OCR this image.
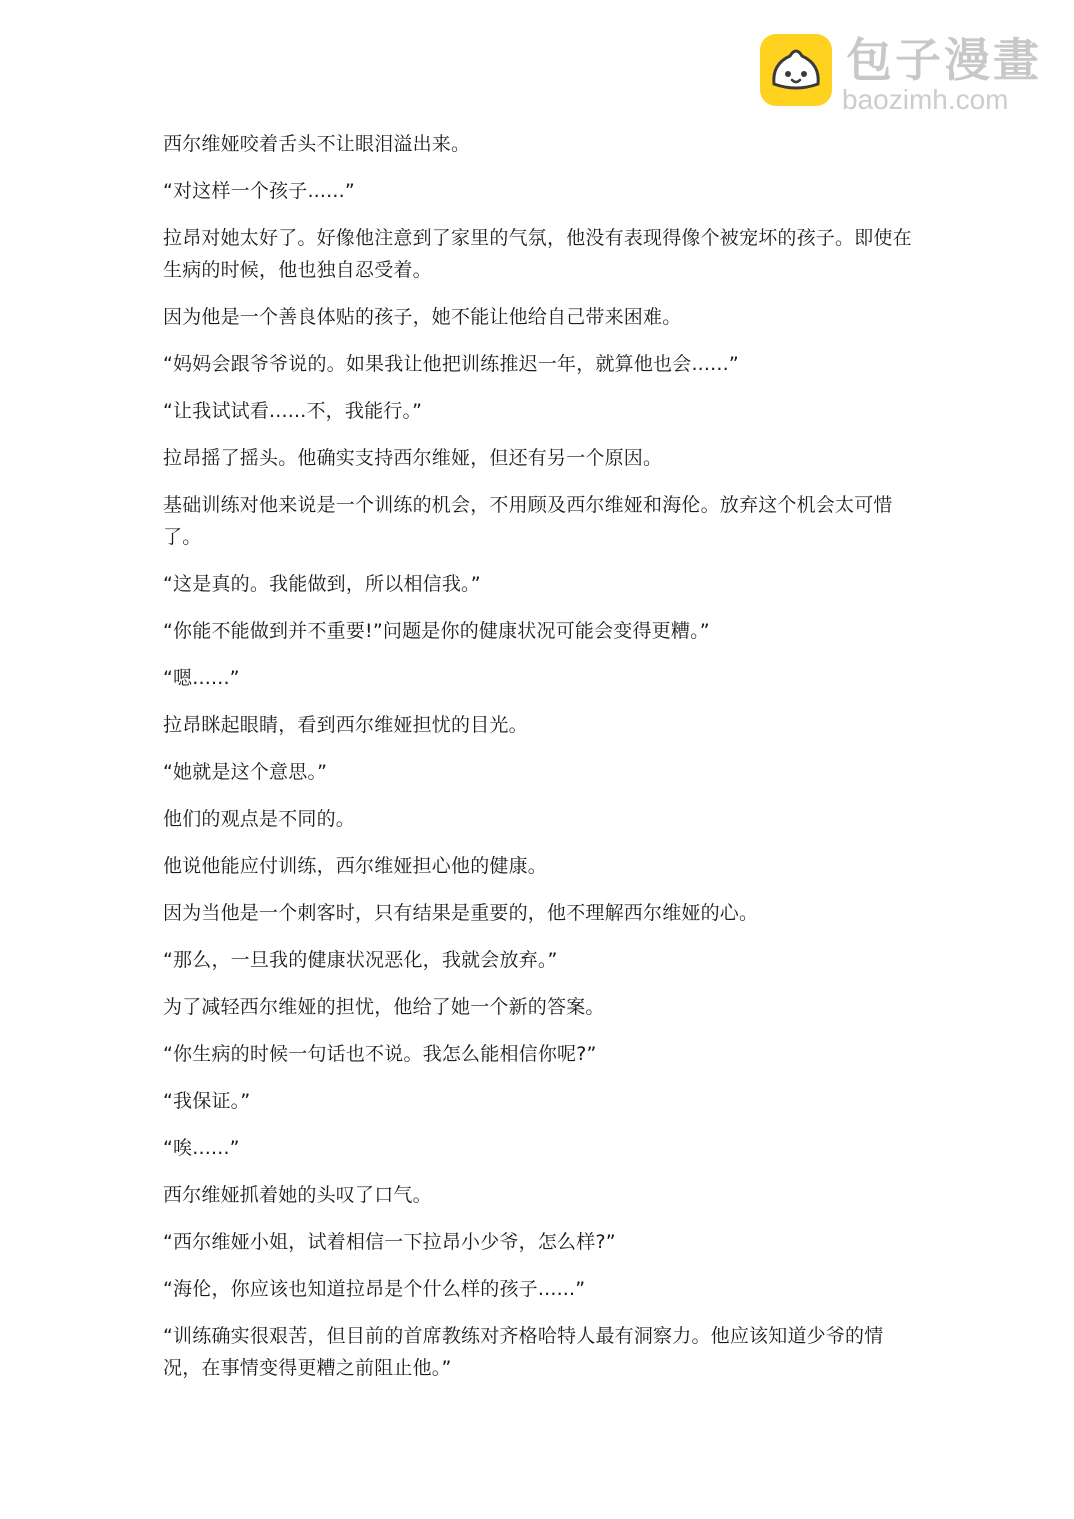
包子漫畫
baozimh.com

西尔维娅咬着舌头不让眼泪溢出来。

“对这样一个孩子......”

拉昂对她太好了。好像他注意到了家里的气氛，他没有表现得像个被宠坏的孩子。即使在生病的时候，他也独自忍受着。

因为他是一个善良体贴的孩子，她不能让他给自己带来困难。

“妈妈会跟爷爷说的。如果我让他把训练推迟一年，就算他也会......”

“让我试试看......不，我能行。”

拉昂摇了摇头。他确实支持西尔维娅，但还有另一个原因。

基础训练对他来说是一个训练的机会，不用顾及西尔维娅和海伦。放弃这个机会太可惜了。

“这是真的。我能做到，所以相信我。”

“你能不能做到并不重要!”问题是你的健康状况可能会变得更糟。”

“嗯......”

拉昂眯起眼睛，看到西尔维娅担忧的目光。

“她就是这个意思。”

他们的观点是不同的。

他说他能应付训练，西尔维娅担心他的健康。

因为当他是一个刺客时，只有结果是重要的，他不理解西尔维娅的心。

“那么，一旦我的健康状况恶化，我就会放弃。”

为了减轻西尔维娅的担忧，他给了她一个新的答案。

“你生病的时候一句话也不说。我怎么能相信你呢?”

“我保证。”

“唉......”

西尔维娅抓着她的头叹了口气。

“西尔维娅小姐，试着相信一下拉昂小少爷，怎么样?”

“海伦，你应该也知道拉昂是个什么样的孩子......”

“训练确实很艰苦，但目前的首席教练对齐格哈特人最有洞察力。他应该知道少爷的情况，在事情变得更糟之前阻止他。”
